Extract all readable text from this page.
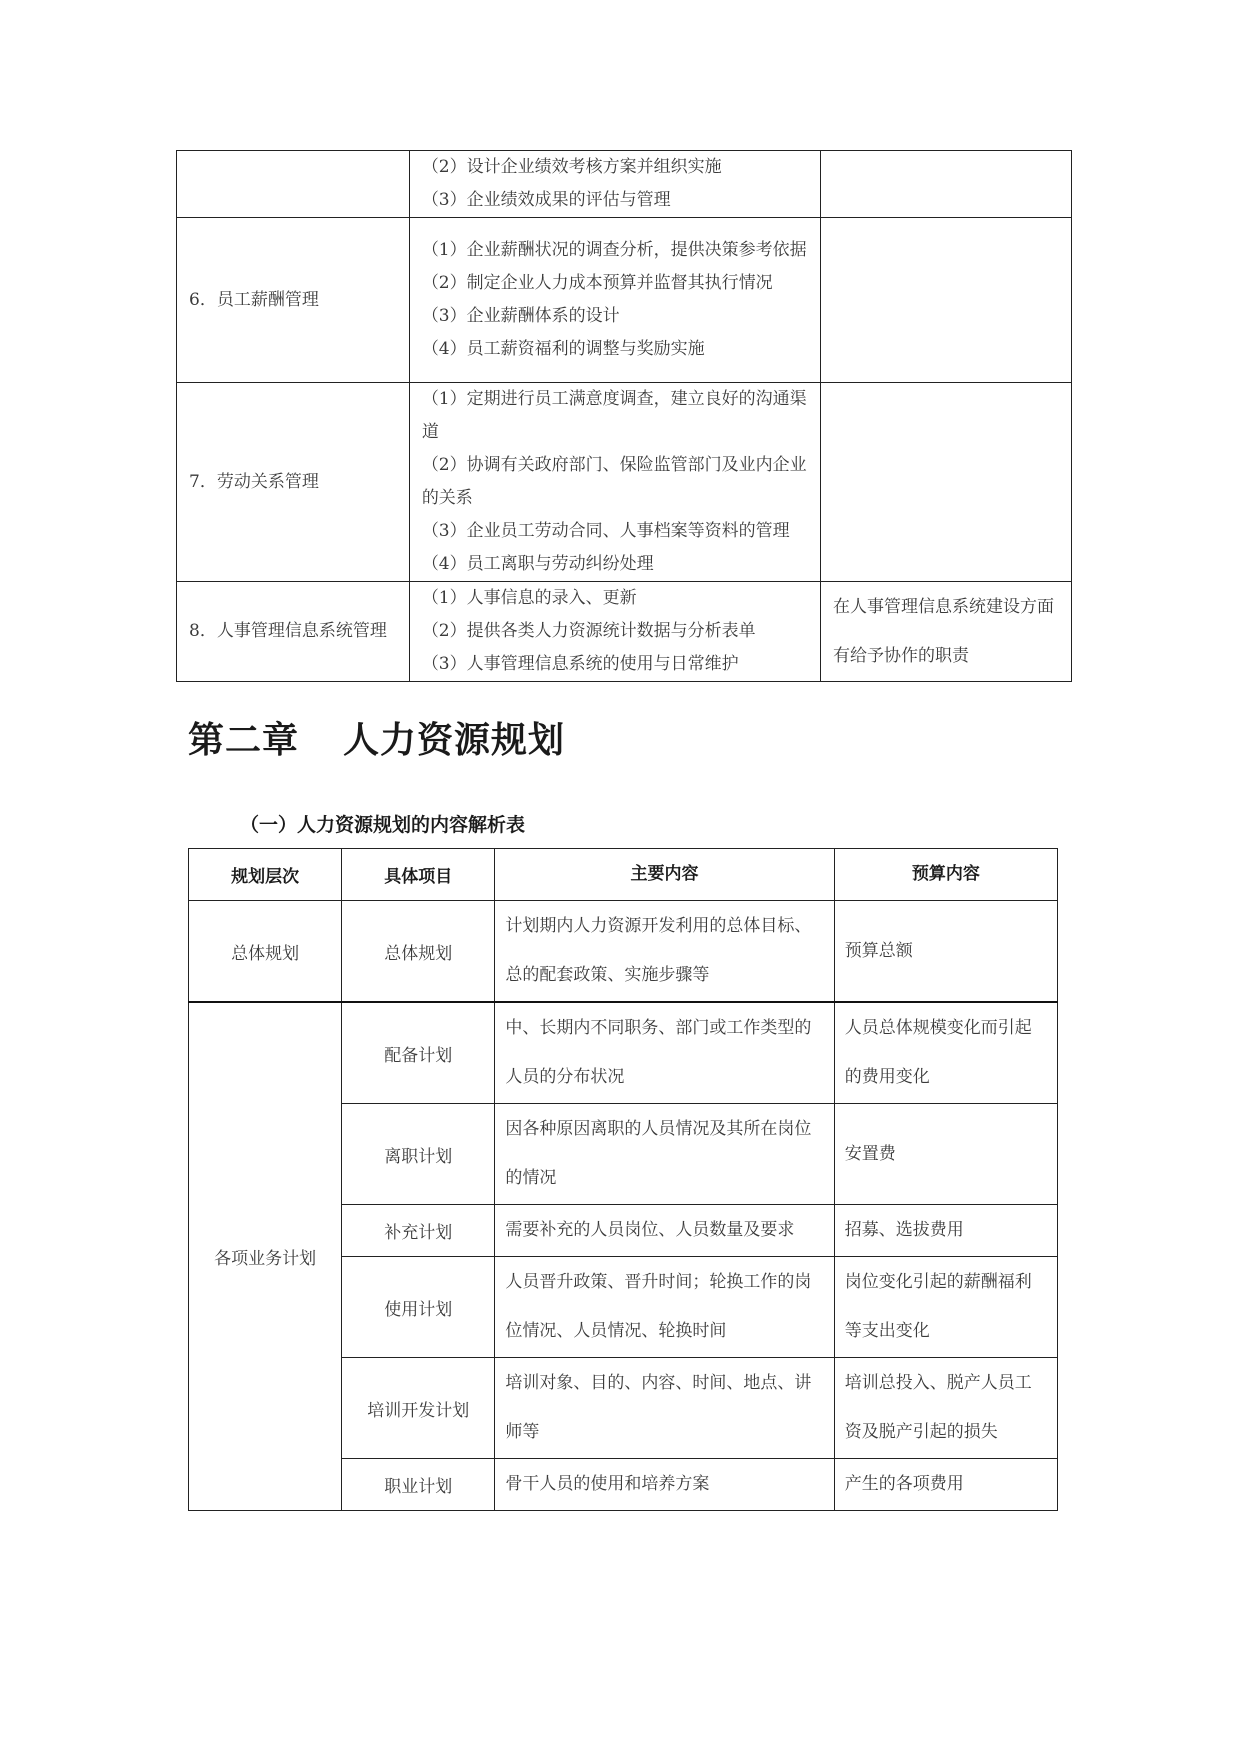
	（2）设计企业绩效考核方案并组织实施
（3）企业绩效成果的评估与管理	

6．员工薪酬管理	（1）企业薪酬状况的调查分析，提供决策参考依据
（2）制定企业人力成本预算并监督其执行情况
（3）企业薪酬体系的设计
（4）员工薪资福利的调整与奖励实施	

7．劳动关系管理	（1）定期进行员工满意度调查，建立良好的沟通渠道
（2）协调有关政府部门、保险监管部门及业内企业的关系
（3）企业员工劳动合同、人事档案等资料的管理
（4）员工离职与劳动纠纷处理	

8．人事管理信息系统管理	（1）人事信息的录入、更新
（2）提供各类人力资源统计数据与分析表单
（3）人事管理信息系统的使用与日常维护	在人事管理信息系统建设方面有给予协作的职责
第二章 人力资源规划
（一）人力资源规划的内容解析表
规划层次	具体项目	主要内容	预算内容
总体规划	总体规划	计划期内人力资源开发利用的总体目标、总的配套政策、实施步骤等	预算总额
各项业务计划	配备计划	中、长期内不同职务、部门或工作类型的人员的分布状况	人员总体规模变化而引起的费用变化
	离职计划	因各种原因离职的人员情况及其所在岗位的情况	安置费
	补充计划	需要补充的人员岗位、人员数量及要求	招募、选拔费用
	使用计划	人员晋升政策、晋升时间；轮换工作的岗位情况、人员情况、轮换时间	岗位变化引起的薪酬福利等支出变化
	培训开发计划	培训对象、目的、内容、时间、地点、讲师等	培训总投入、脱产人员工资及脱产引起的损失
	职业计划	骨干人员的使用和培养方案	产生的各项费用
